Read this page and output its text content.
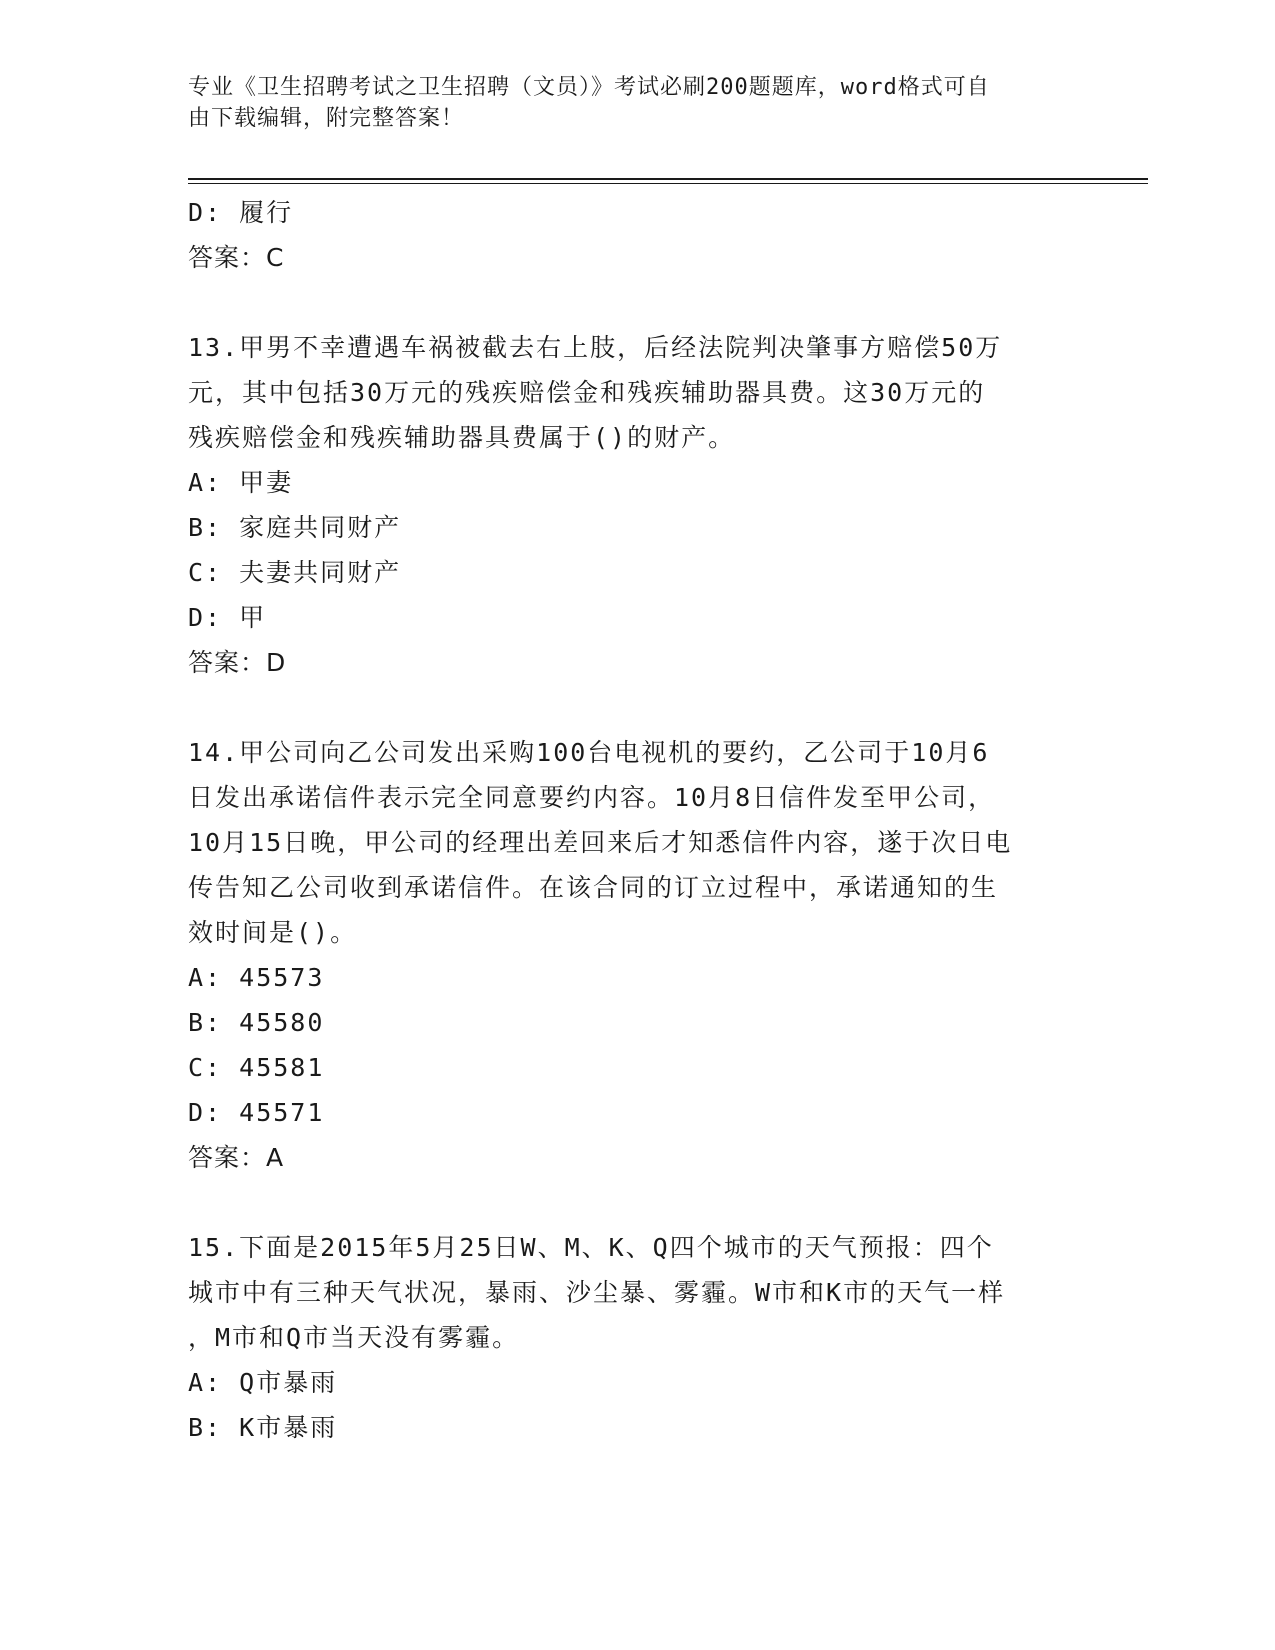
专业《卫生招聘考试之卫生招聘（文员）》考试必刷200题题库，word格式可自
由下载编辑，附完整答案！
D: 履行
答案：C
13.甲男不幸遭遇车祸被截去右上肢，后经法院判决肇事方赔偿50万
元，其中包括30万元的残疾赔偿金和残疾辅助器具费。这30万元的
残疾赔偿金和残疾辅助器具费属于()的财产。
A: 甲妻
B: 家庭共同财产
C: 夫妻共同财产
D: 甲
答案：D
14.甲公司向乙公司发出采购100台电视机的要约，乙公司于10月6
日发出承诺信件表示完全同意要约内容。10月8日信件发至甲公司，
10月15日晚，甲公司的经理出差回来后才知悉信件内容，遂于次日电
传告知乙公司收到承诺信件。在该合同的订立过程中，承诺通知的生
效时间是()。
A: 45573
B: 45580
C: 45581
D: 45571
答案：A
15.下面是2015年5月25日W、M、K、Q四个城市的天气预报：四个
城市中有三种天气状况，暴雨、沙尘暴、雾霾。W市和K市的天气一样
，M市和Q市当天没有雾霾。
A: Q市暴雨
B: K市暴雨
